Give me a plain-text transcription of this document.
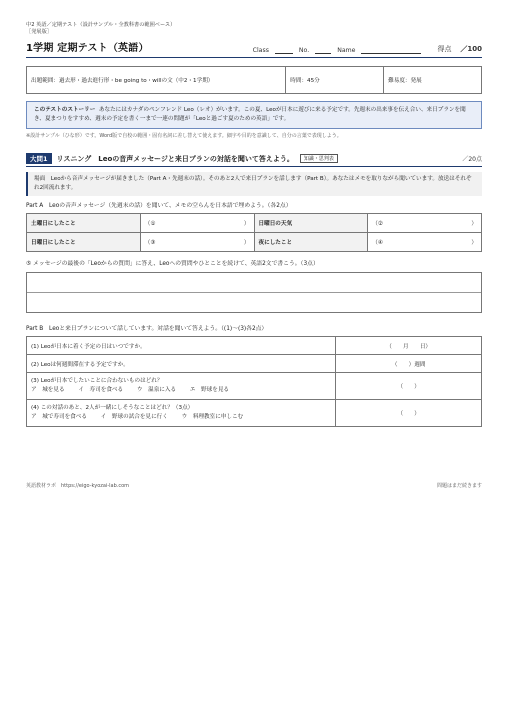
中2 英語／定期テスト（設計サンプル・全教科書の範囲ベース）
［発展版］
1学期 定期テスト（英語）	Class	No.	Name	得点 ／100
出題範囲：過去形・過去進行形・be going to・willの文（中2・1学期）	時間：45分	難易度：発展
このテストのストーリー あなたにはカナダのペンフレンド Leo（レオ）がいます。この夏、Leoが日本に遊びに来る予定です。先週末の出来事を伝え合い、来日プランを聞き、夏まつりをすすめ、週末の予定を書く一まで一連の問題が「Leoと過ごす夏のための英語」です。
※設計サンプル（ひな形）です。Word版で自校の範囲・固有名詞に差し替えて使えます。細字や目的を意識して、自分の言葉で表現しよう。
大問1	リスニング　Leoの音声メッセージと来日プランの対話を聞いて答えよう。	知識・思判表	／20点
場面　Leoから音声メッセージが届きました（Part A・先週末の話）。そのあと2人で来日プランを話します（Part B）。あなたはメモを取りながら聞いています。放送はそれぞれ2回流れます。
Part A　Leoの音声メッセージ（先週末の話）を聞いて、メモの空らんを日本語で埋めよう。（各2点）
土曜日にしたこと	（① ）	日曜日の天気	（② ）

日曜日にしたこと	（③ ）	夜にしたこと	（④ ）
⑤ メッセージの最後の「Leoからの質問」に答え、Leoへの質問やひとことを続けて、英語2文で書こう。（3点）
Part B　Leoと来日プランについて話しています。対話を聞いて答えよう。（(1)〜(3)各2点）
(1) Leoが日本に着く予定の日はいつですか。	（　　月　　日）
(2) Leoは何週間滞在する予定ですか。	（　　）週間

(3) Leoが日本でしたいことに合わないものはどれ？
ア　城を見る イ　寿司を食べる ウ　温泉に入る エ　野球を見る	（　　）

(4) この対話のあと、2人が一緒にしそうなことはどれ？（3点）
ア　城で寿司を食べる イ　野球の試合を見に行く ウ　料理教室に申しこむ	（　　）
英語教材ラボ　https://eigo-kyozai-lab.com	問題はまだ続きます
